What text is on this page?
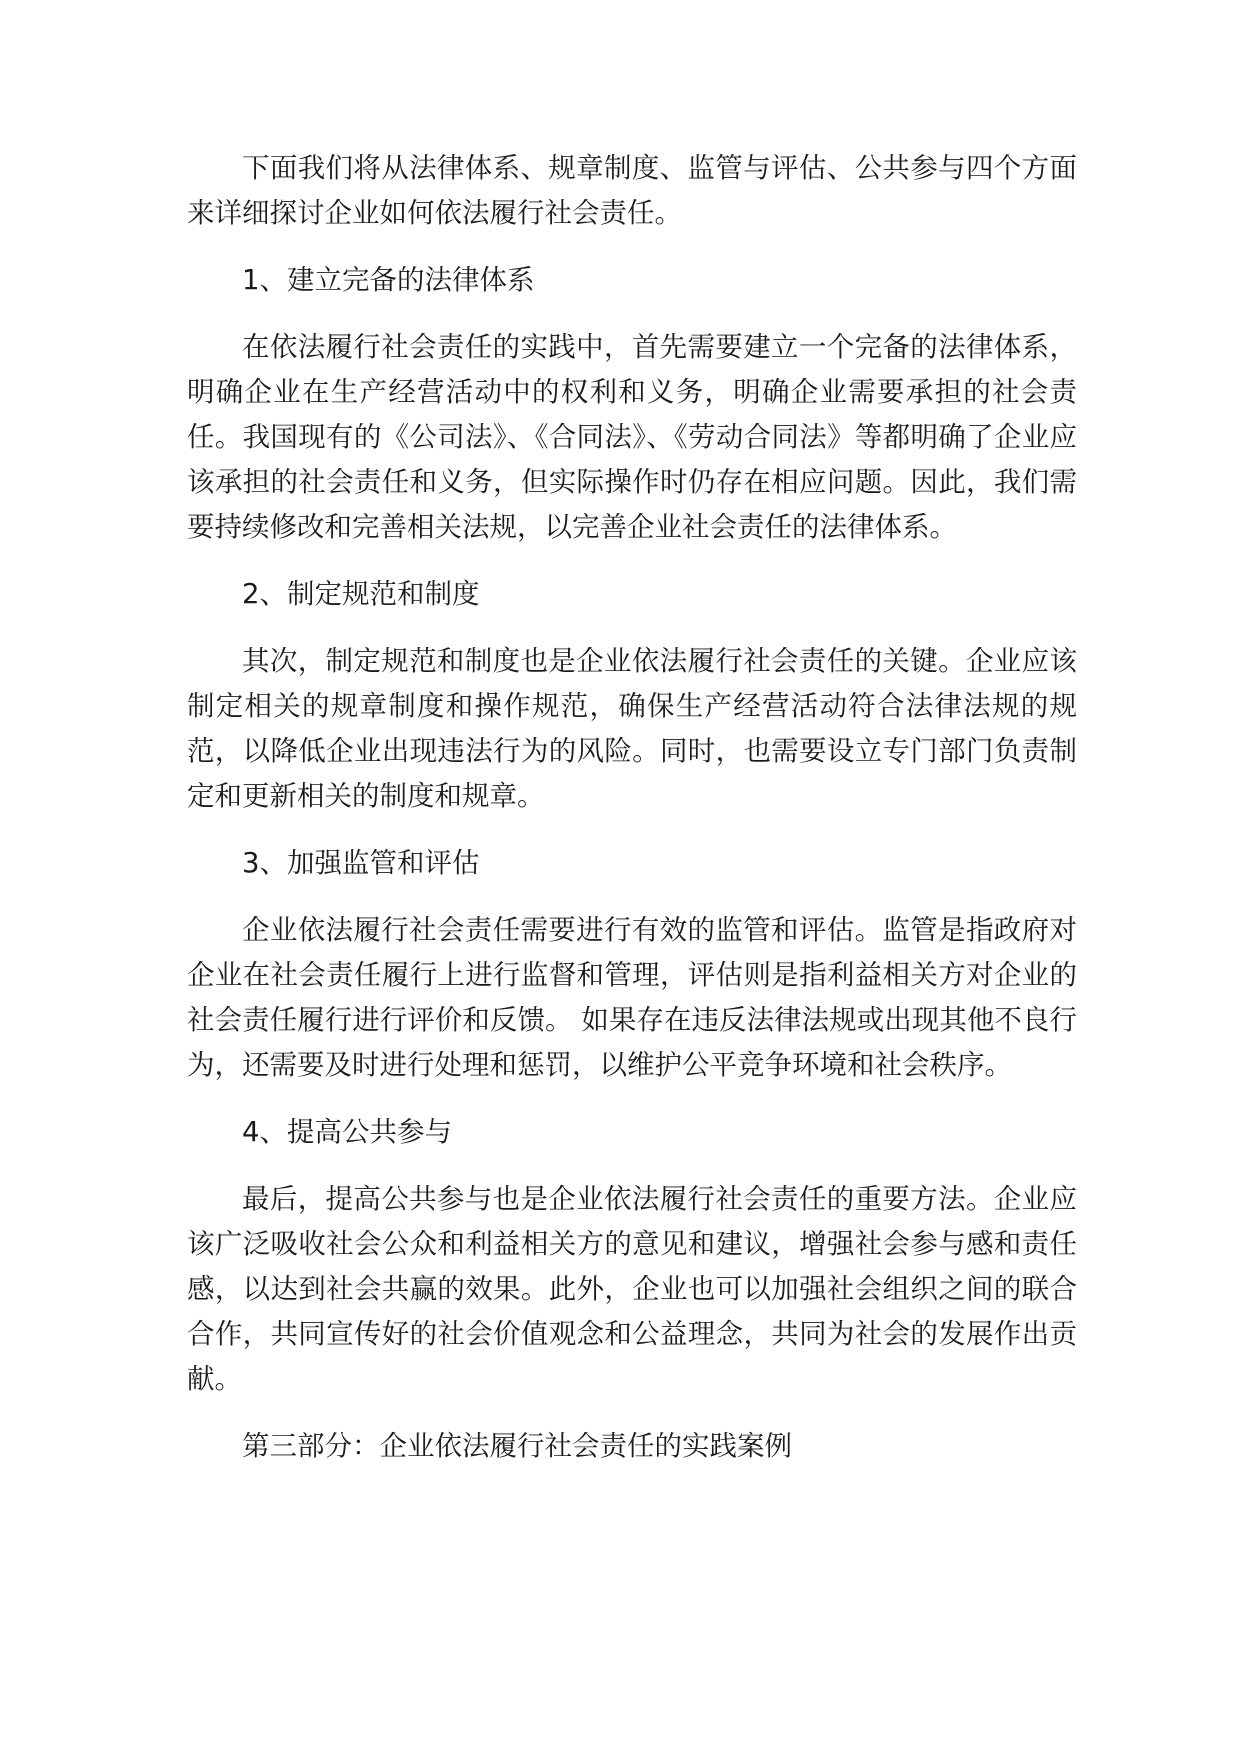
下面我们将从法律体系、规章制度、监管与评估、公共参与四个方面来详细探讨企业如何依法履行社会责任。

1、建立完备的法律体系

在依法履行社会责任的实践中，首先需要建立一个完备的法律体系，明确企业在生产经营活动中的权利和义务，明确企业需要承担的社会责任。我国现有的《公司法》、《合同法》、《劳动合同法》等都明确了企业应该承担的社会责任和义务，但实际操作时仍存在相应问题。因此，我们需要持续修改和完善相关法规，以完善企业社会责任的法律体系。

2、制定规范和制度

其次，制定规范和制度也是企业依法履行社会责任的关键。企业应该制定相关的规章制度和操作规范，确保生产经营活动符合法律法规的规范，以降低企业出现违法行为的风险。同时，也需要设立专门部门负责制定和更新相关的制度和规章。

3、加强监管和评估

企业依法履行社会责任需要进行有效的监管和评估。监管是指政府对企业在社会责任履行上进行监督和管理，评估则是指利益相关方对企业的社会责任履行进行评价和反馈。 如果存在违反法律法规或出现其他不良行为，还需要及时进行处理和惩罚，以维护公平竞争环境和社会秩序。

4、提高公共参与

最后，提高公共参与也是企业依法履行社会责任的重要方法。企业应该广泛吸收社会公众和利益相关方的意见和建议，增强社会参与感和责任感，以达到社会共赢的效果。此外，企业也可以加强社会组织之间的联合合作，共同宣传好的社会价值观念和公益理念，共同为社会的发展作出贡献。

第三部分：企业依法履行社会责任的实践案例
